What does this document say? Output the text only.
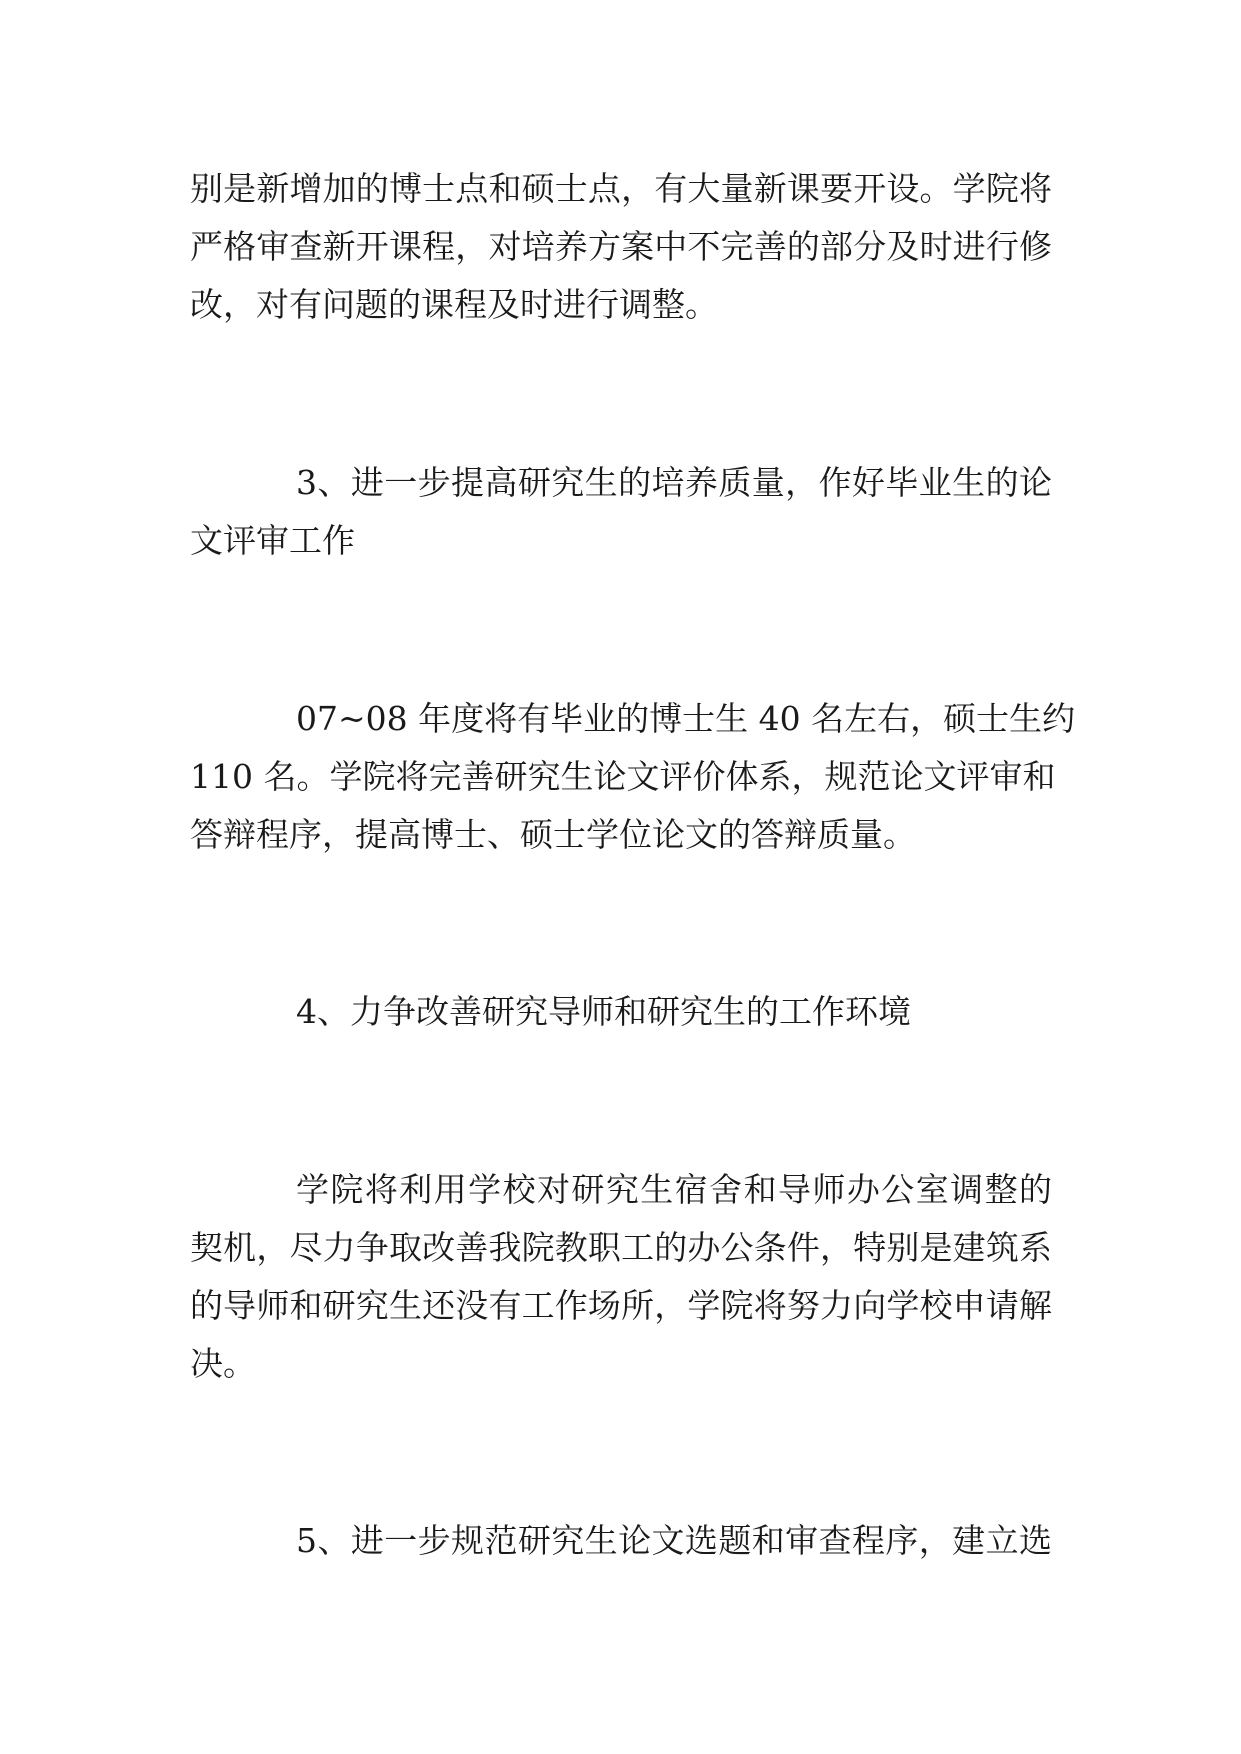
别是新增加的博士点和硕士点，有大量新课要开设。学院将
严格审查新开课程，对培养方案中不完善的部分及时进行修
改，对有问题的课程及时进行调整。
3、进一步提高研究生的培养质量，作好毕业生的论
文评审工作
07~08 年度将有毕业的博士生 40 名左右，硕士生约
110 名。学院将完善研究生论文评价体系，规范论文评审和
答辩程序，提高博士、硕士学位论文的答辩质量。
4、力争改善研究导师和研究生的工作环境
学院将利用学校对研究生宿舍和导师办公室调整的
契机，尽力争取改善我院教职工的办公条件，特别是建筑系
的导师和研究生还没有工作场所，学院将努力向学校申请解
决。
5、进一步规范研究生论文选题和审查程序，建立选
